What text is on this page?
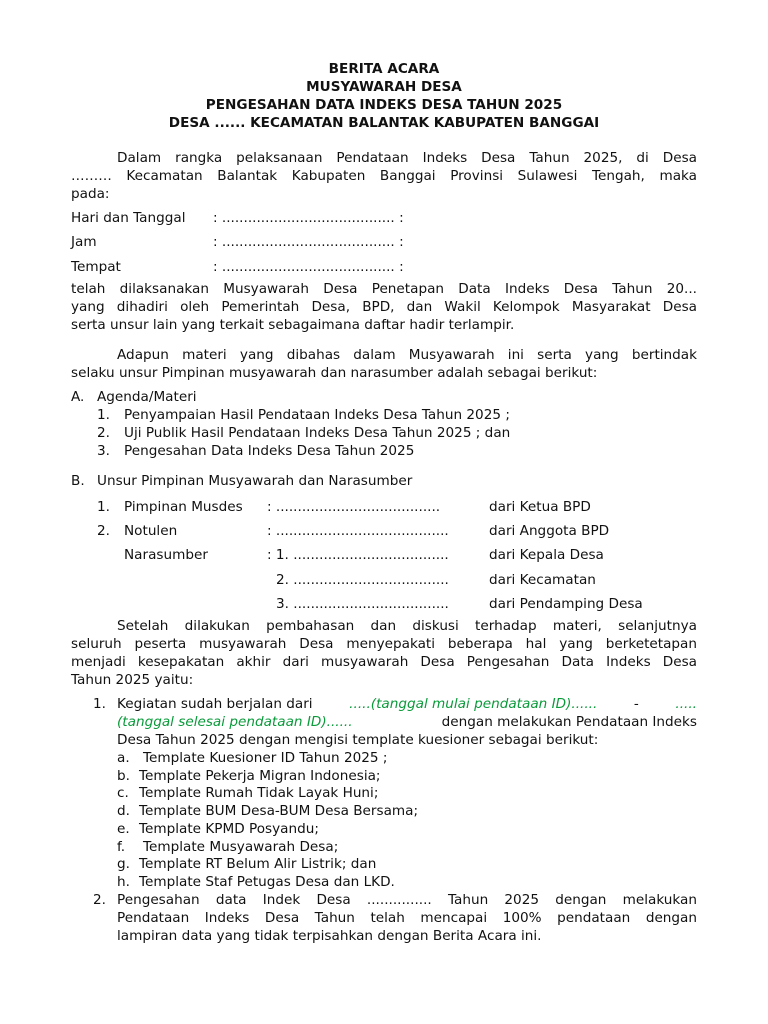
BERITA ACARA
MUSYAWARAH DESA
PENGESAHAN DATA INDEKS DESA TAHUN 2025
DESA ...... KECAMATAN BALANTAK KABUPATEN BANGGAI
Dalam rangka pelaksanaan Pendataan Indeks Desa Tahun 2025, di Desa
……… Kecamatan Balantak Kabupaten Banggai Provinsi Sulawesi Tengah, maka
pada:
Hari dan Tanggal : ........................................ :
Jam	: ........................................ :
Tempat	: ........................................ :
telah dilaksanakan Musyawarah Desa Penetapan Data Indeks Desa Tahun 20...
yang dihadiri oleh Pemerintah Desa, BPD, dan Wakil Kelompok Masyarakat Desa
serta unsur lain yang terkait sebagaimana daftar hadir terlampir.
Adapun materi yang dibahas dalam Musyawarah ini serta yang bertindak
selaku unsur Pimpinan musyawarah dan narasumber adalah sebagai berikut:
A. Agenda/Materi
1. Penyampaian Hasil Pendataan Indeks Desa Tahun 2025 ;
2. Uji Publik Hasil Pendataan Indeks Desa Tahun 2025 ; dan
3. Pengesahan Data Indeks Desa Tahun 2025
B. Unsur Pimpinan Musyawarah dan Narasumber
1. Pimpinan Musdes : ......................................	dari Ketua BPD
2. Notulen	: ........................................	dari Anggota BPD
Narasumber	: 1. ....................................	dari Kepala Desa
2. ....................................	dari Kecamatan
3. ....................................	dari Pendamping Desa
Setelah dilakukan pembahasan dan diskusi terhadap materi, selanjutnya
seluruh peserta musyawarah Desa menyepakati beberapa hal yang berketetapan
menjadi kesepakatan akhir dari musyawarah Desa Pengesahan Data Indeks Desa
Tahun 2025 yaitu:
1. Kegiatan sudah berjalan dari	.....(tanggal mulai pendataan ID)......	-	.....
(tanggal selesai pendataan ID)......	dengan melakukan Pendataan Indeks
Desa Tahun 2025 dengan mengisi template kuesioner sebagai berikut:
a. Template Kuesioner ID Tahun 2025 ;
b. Template Pekerja Migran Indonesia;
c. Template Rumah Tidak Layak Huni;
d. Template BUM Desa-BUM Desa Bersama;
e. Template KPMD Posyandu;
f. Template Musyawarah Desa;
g. Template RT Belum Alir Listrik; dan
h. Template Staf Petugas Desa dan LKD.
2. Pengesahan data Indek Desa ............... Tahun 2025 dengan melakukan
Pendataan Indeks Desa Tahun telah mencapai 100% pendataan dengan
lampiran data yang tidak terpisahkan dengan Berita Acara ini.
